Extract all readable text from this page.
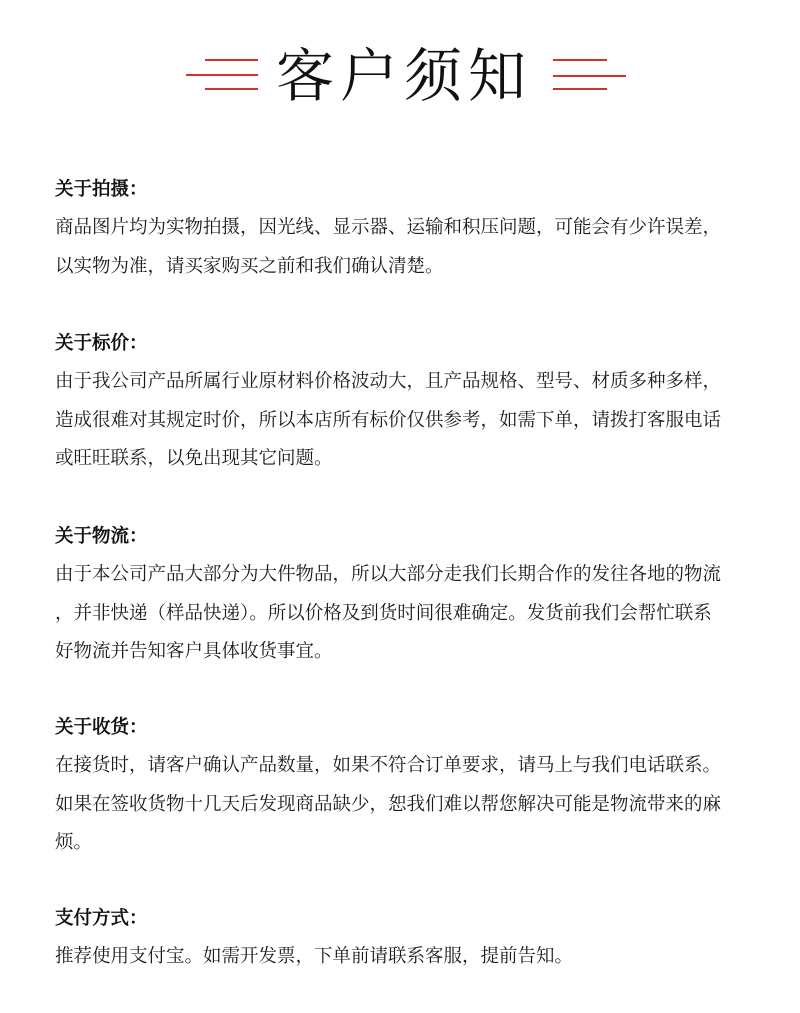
客户须知
关于拍摄：
商品图片均为实物拍摄，因光线、显示器、运输和积压问题，可能会有少许误差，
以实物为准，请买家购买之前和我们确认清楚。
关于标价：
由于我公司产品所属行业原材料价格波动大，且产品规格、型号、材质多种多样，
造成很难对其规定时价，所以本店所有标价仅供参考，如需下单，请拨打客服电话
或旺旺联系，以免出现其它问题。
关于物流：
由于本公司产品大部分为大件物品，所以大部分走我们长期合作的发往各地的物流
，并非快递（样品快递）。所以价格及到货时间很难确定。发货前我们会帮忙联系
好物流并告知客户具体收货事宜。
关于收货：
在接货时，请客户确认产品数量，如果不符合订单要求，请马上与我们电话联系。
如果在签收货物十几天后发现商品缺少，恕我们难以帮您解决可能是物流带来的麻
烦。
支付方式：
推荐使用支付宝。如需开发票，下单前请联系客服，提前告知。
